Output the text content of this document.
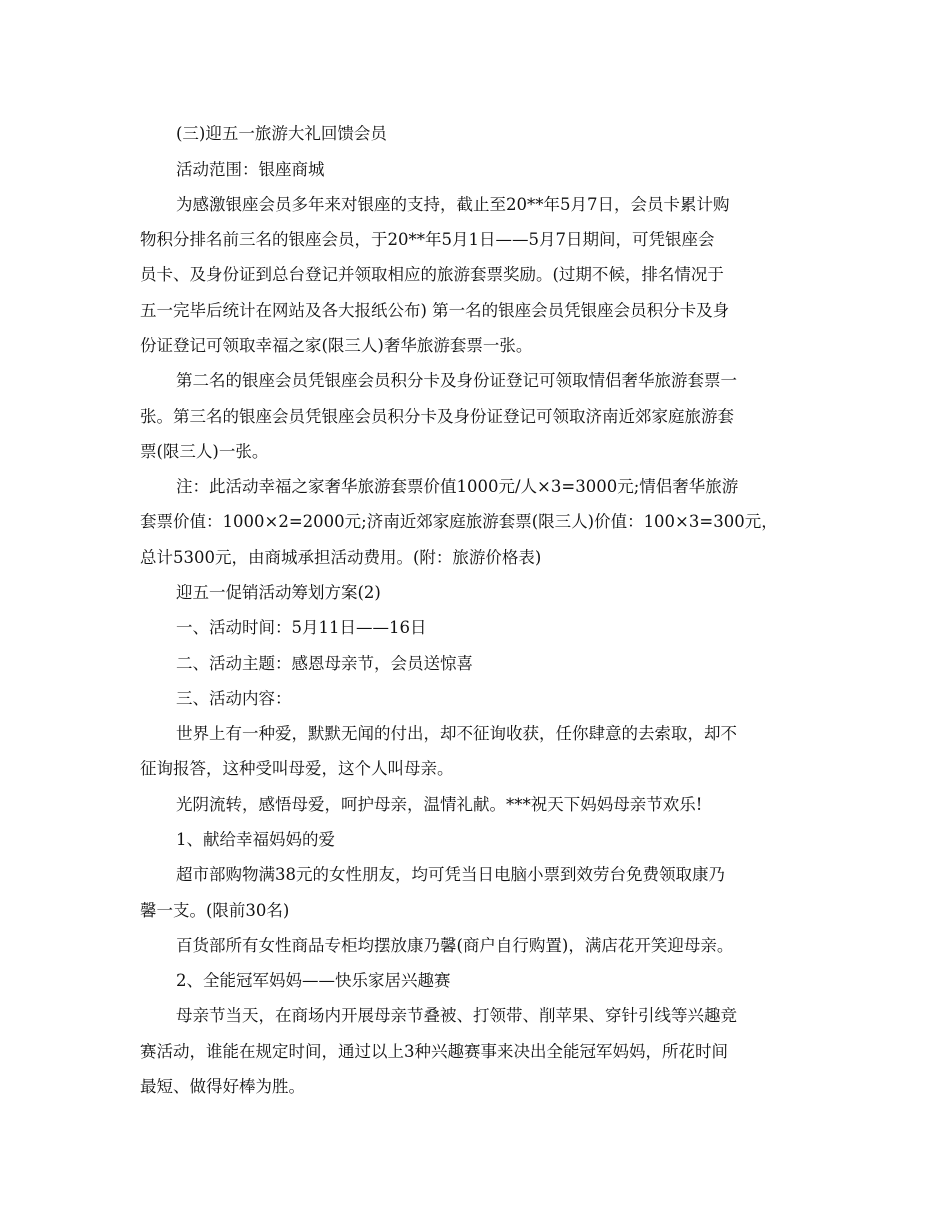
(三)迎五一旅游大礼回馈会员

活动范围：银座商城

为感激银座会员多年来对银座的支持，截止至20**年5月7日，会员卡累计购

物积分排名前三名的银座会员，于20**年5月1日——5月7日期间，可凭银座会

员卡、及身份证到总台登记并领取相应的旅游套票奖励。(过期不候，排名情况于

五一完毕后统计在网站及各大报纸公布) 第一名的银座会员凭银座会员积分卡及身

份证登记可领取幸福之家(限三人)奢华旅游套票一张。

第二名的银座会员凭银座会员积分卡及身份证登记可领取情侣奢华旅游套票一

张。第三名的银座会员凭银座会员积分卡及身份证登记可领取济南近郊家庭旅游套

票(限三人)一张。

注：此活动幸福之家奢华旅游套票价值1000元/人×3=3000元;情侣奢华旅游

套票价值：1000×2=2000元;济南近郊家庭旅游套票(限三人)价值：100×3=300元，

总计5300元，由商城承担活动费用。(附：旅游价格表)

迎五一促销活动筹划方案(2)

一、活动时间：5月11日——16日

二、活动主题：感恩母亲节，会员送惊喜

三、活动内容：

世界上有一种爱，默默无闻的付出，却不征询收获，任你肆意的去索取，却不

征询报答，这种受叫母爱，这个人叫母亲。

光阴流转，感悟母爱，呵护母亲，温情礼献。***祝天下妈妈母亲节欢乐!

1、献给幸福妈妈的爱

超市部购物满38元的女性朋友，均可凭当日电脑小票到效劳台免费领取康乃

馨一支。(限前30名)

百货部所有女性商品专柜均摆放康乃馨(商户自行购置)，满店花开笑迎母亲。

2、全能冠军妈妈——快乐家居兴趣赛

母亲节当天，在商场内开展母亲节叠被、打领带、削苹果、穿针引线等兴趣竞

赛活动，谁能在规定时间，通过以上3种兴趣赛事来决出全能冠军妈妈，所花时间

最短、做得好棒为胜。
